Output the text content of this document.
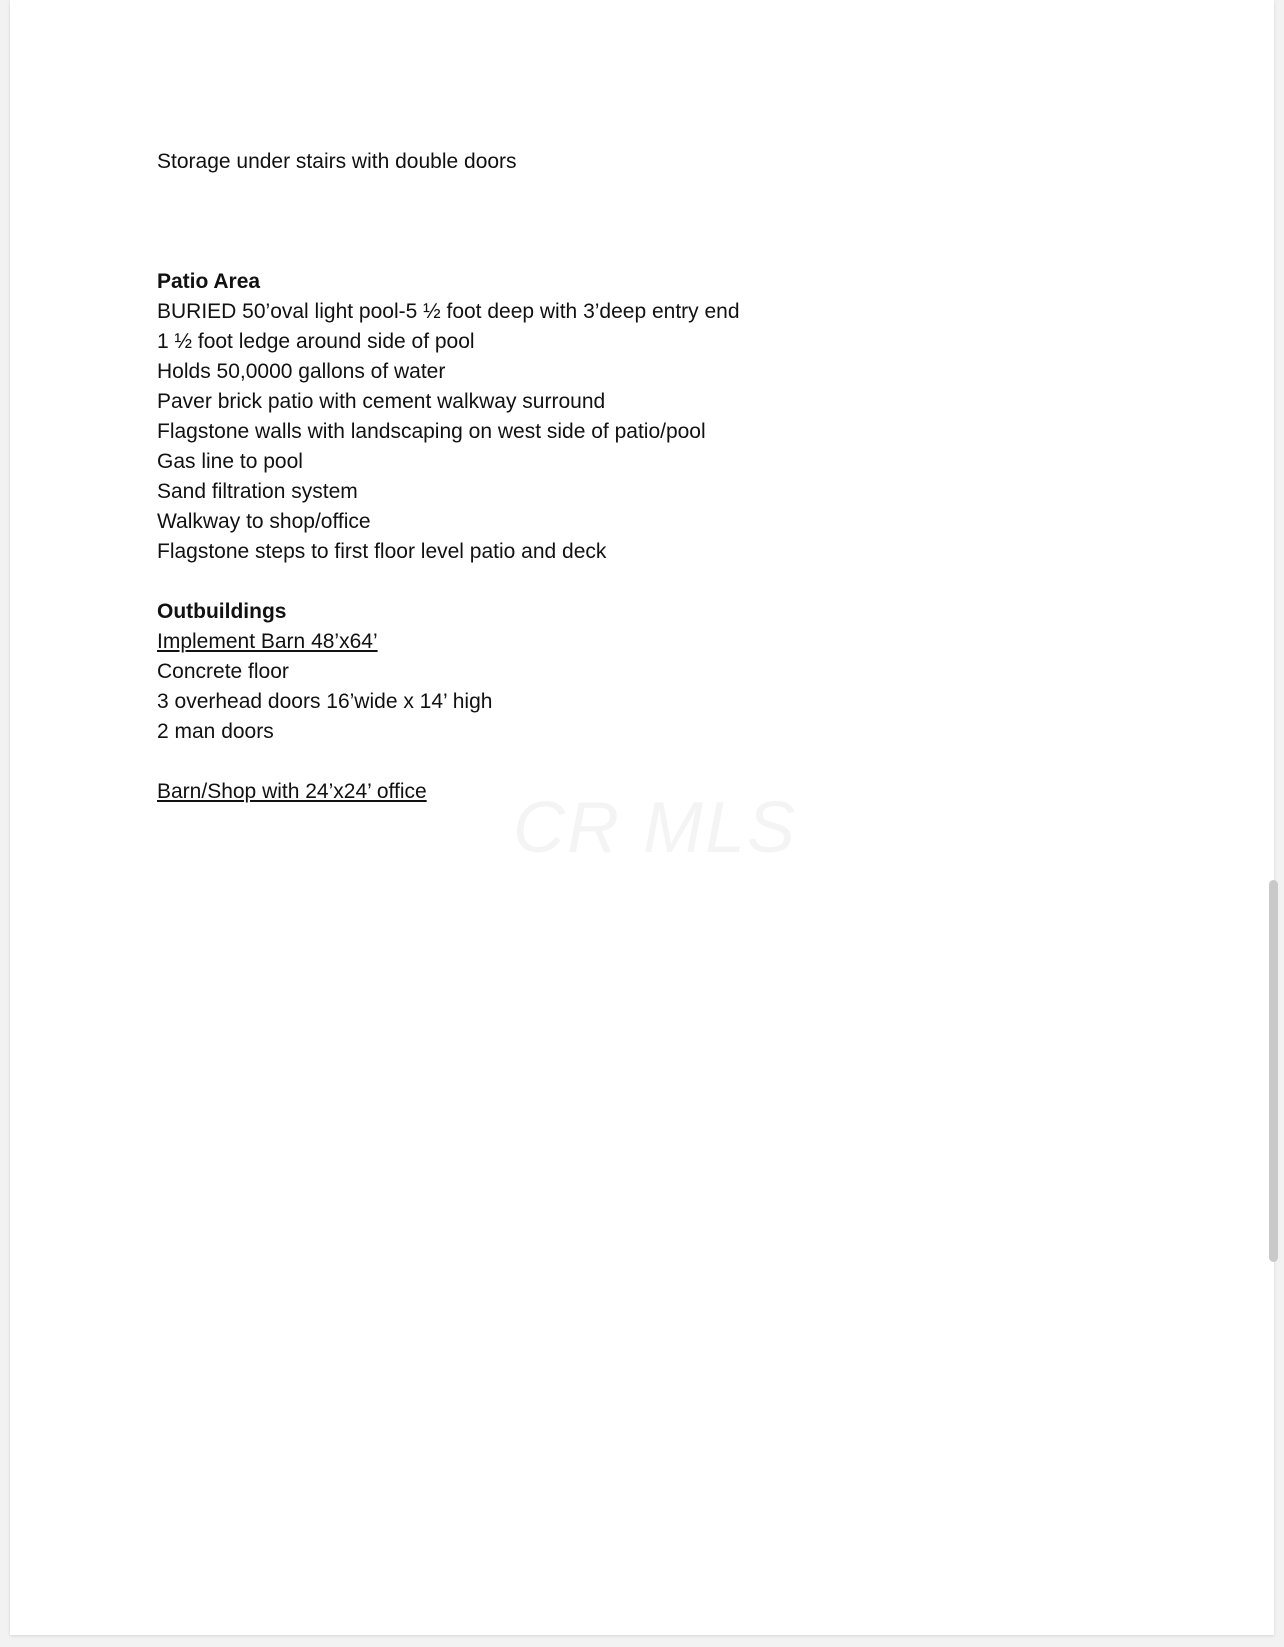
Storage under stairs with double doors
Patio Area
BURIED 50’oval light pool-5 ½ foot deep with 3’deep entry end
1 ½ foot ledge around side of pool
Holds 50,0000 gallons of water
Paver brick patio with cement walkway surround
Flagstone walls with landscaping on west side of patio/pool
Gas line to pool
Sand filtration system
Walkway to shop/office
Flagstone steps to first floor level patio and deck
Outbuildings
Implement Barn 48’x64’
Concrete floor
3 overhead doors 16’wide x 14’ high
2 man doors
Barn/Shop with 24’x24’ office
